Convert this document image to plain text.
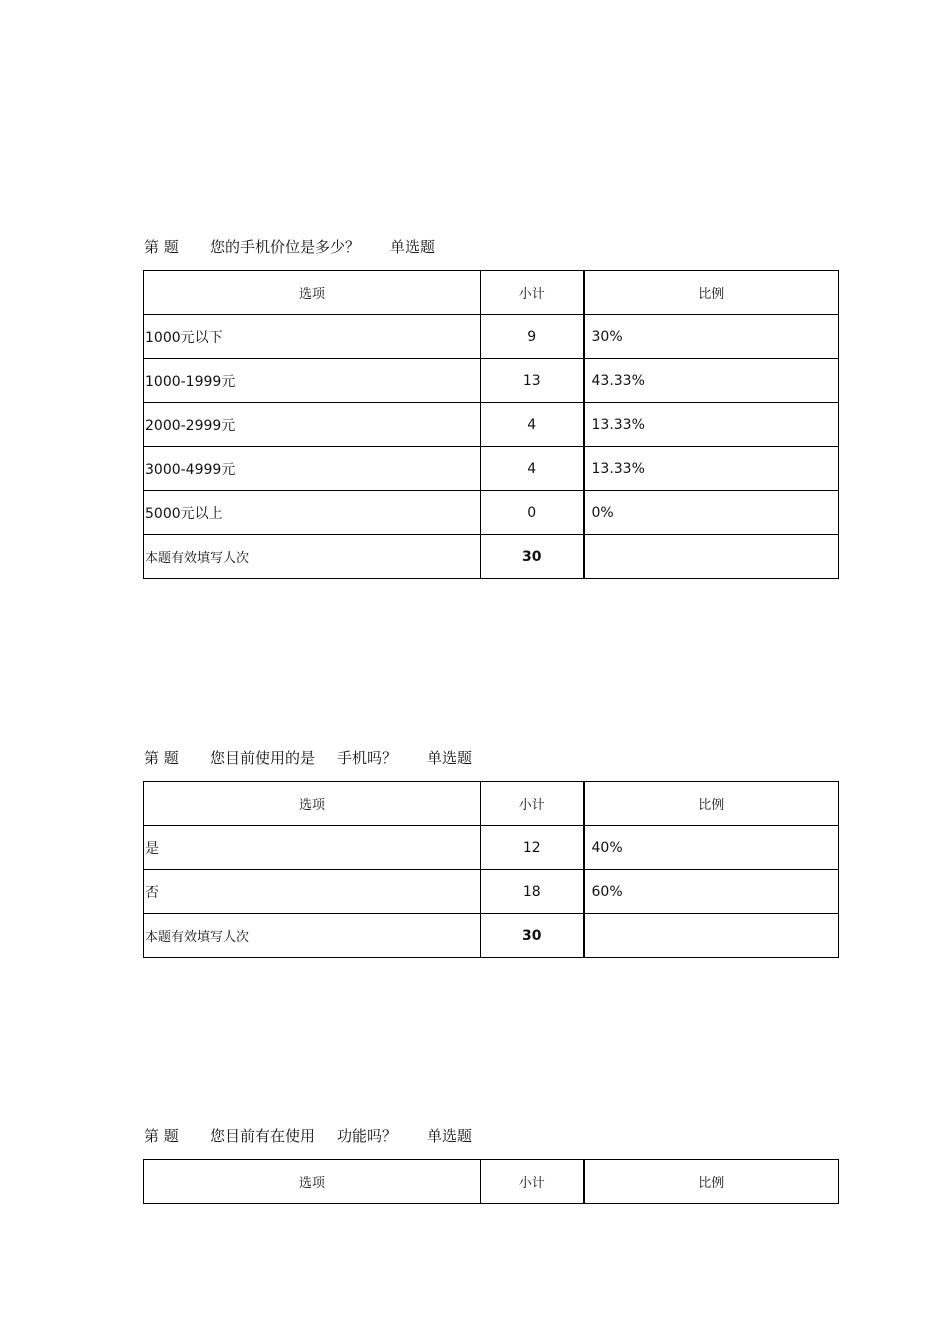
第 题 您的手机价位是多少？ 单选题
选项	小计	比例
1000元以下	9	30%
1000-1999元	13	43.33%
2000-2999元	4	13.33%
3000-4999元	4	13.33%
5000元以上	0	0%
本题有效填写人次	30	
第 题 您目前使用的是 手机吗？ 单选题
选项	小计	比例
是	12	40%
否	18	60%
本题有效填写人次	30	
第 题 您目前有在使用 功能吗？ 单选题
选项	小计	比例
